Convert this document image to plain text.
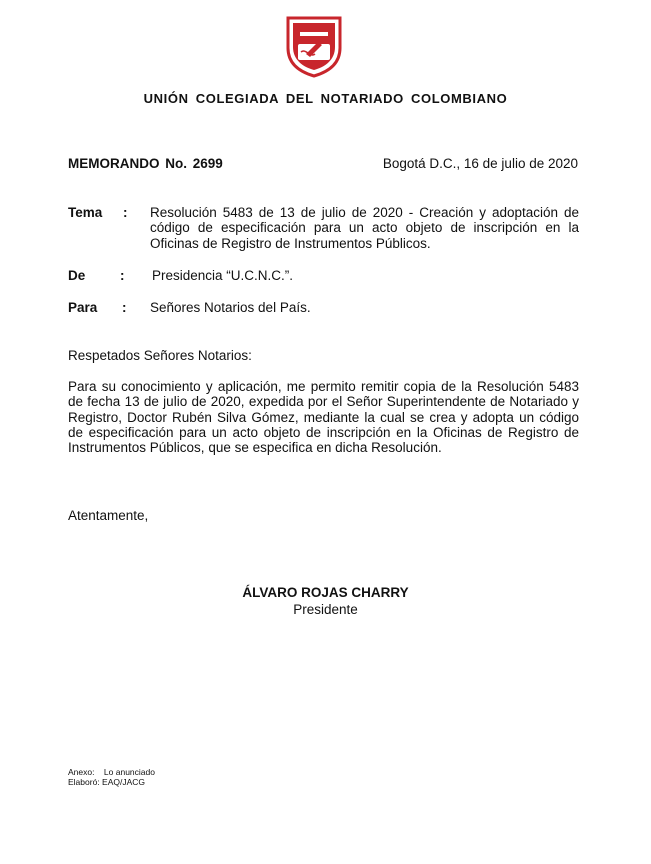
UNIÓN COLEGIADA DEL NOTARIADO COLOMBIANO
MEMORANDO No. 2699	Bogotá D.C., 16 de julio de 2020
Tema : Resolución 5483 de 13 de julio de 2020 - Creación y adoptación de código de especificación para un acto objeto de inscripción en la Oficinas de Registro de Instrumentos Públicos.
De	: Presidencia “U.C.N.C.”.
Para : Señores Notarios del País.
Respetados Señores Notarios:
Para su conocimiento y aplicación, me permito remitir copia de la Resolución 5483 de fecha 13 de julio de 2020, expedida por el Señor Superintendente de Notariado y Registro, Doctor Rubén Silva Gómez, mediante la cual se crea y adopta un código de especificación para un acto objeto de inscripción en la Oficinas de Registro de Instrumentos Públicos, que se especifica en dicha Resolución.
Atentamente,
ÁLVARO ROJAS CHARRY
Presidente
Anexo: Lo anunciado
Elaboró: EAQ/JACG
